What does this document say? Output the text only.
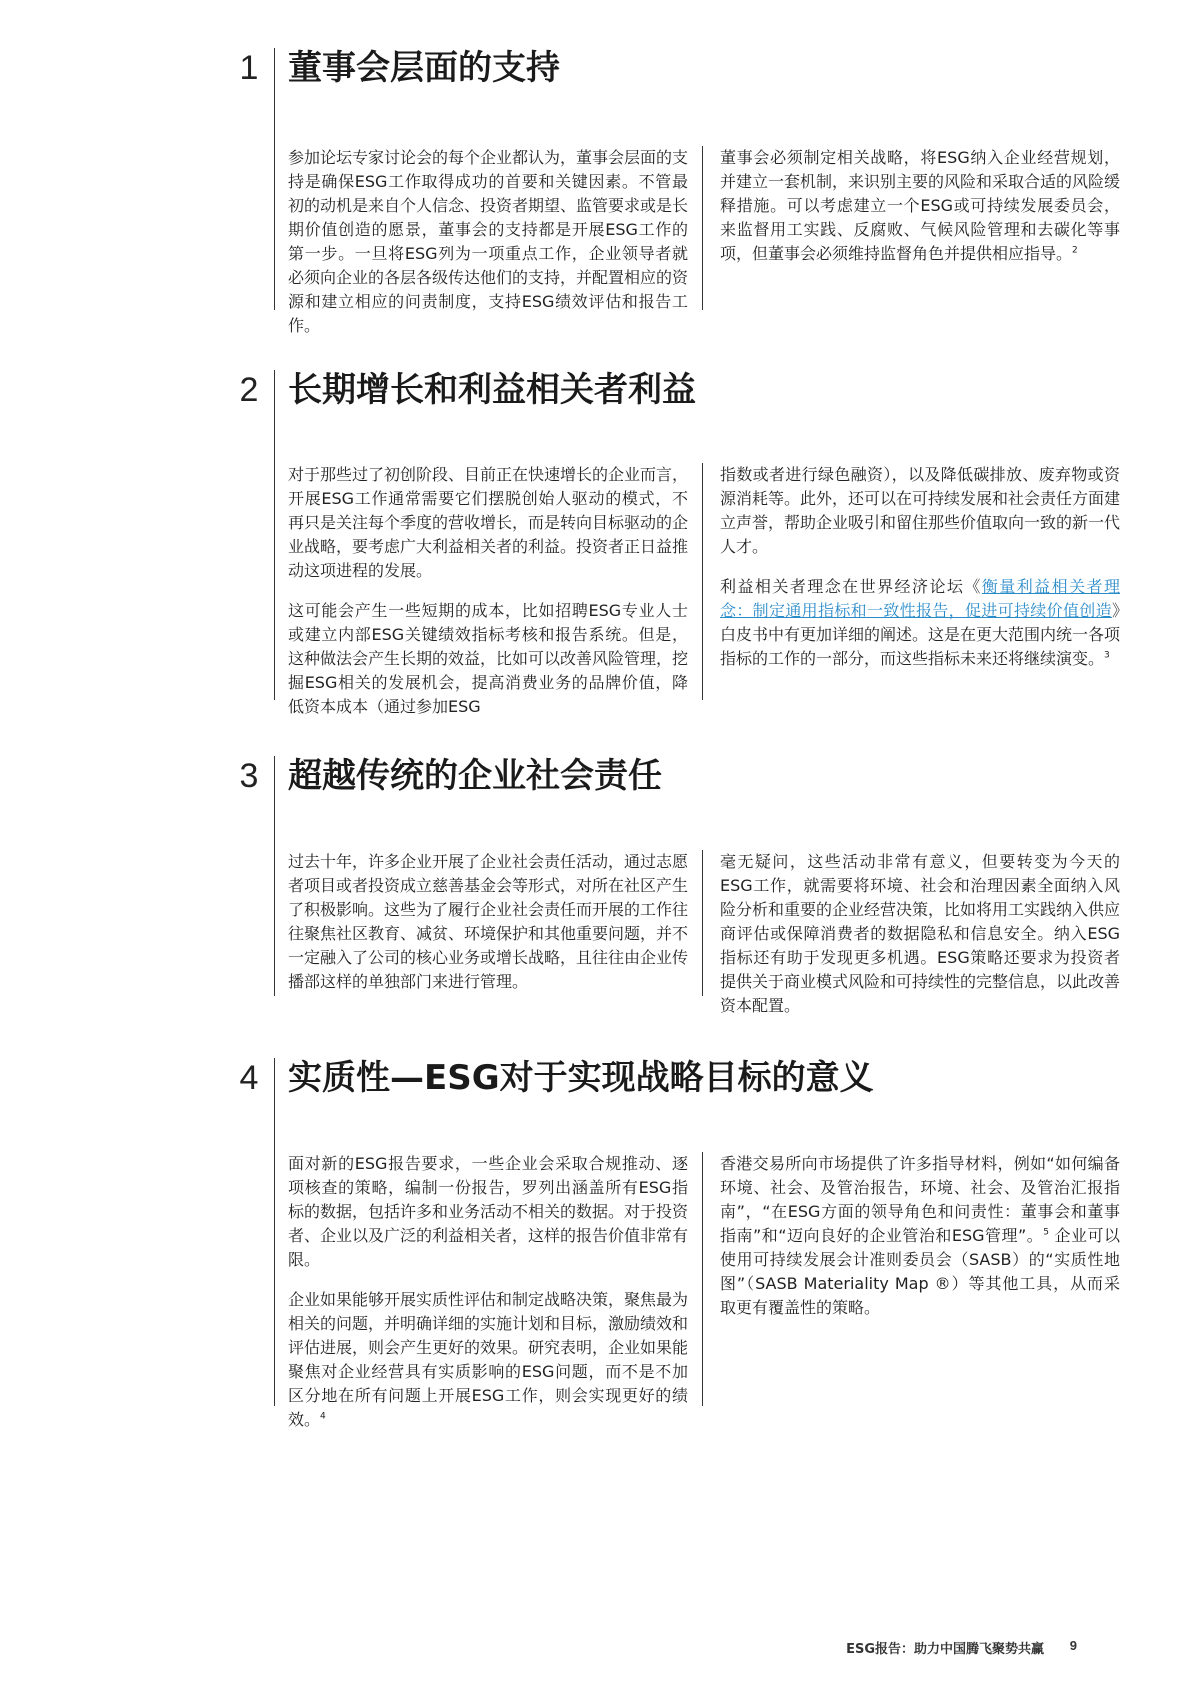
1 董事会层面的支持

参加论坛专家讨论会的每个企业都认为，董事会层面的支持是确保ESG工作取得成功的首要和关键因素。不管最初的动机是来自个人信念、投资者期望、监管要求或是长期价值创造的愿景，董事会的支持都是开展ESG工作的第一步。一旦将ESG列为一项重点工作，企业领导者就必须向企业的各层各级传达他们的支持，并配置相应的资源和建立相应的问责制度，支持ESG绩效评估和报告工作。

董事会必须制定相关战略，将ESG纳入企业经营规划，并建立一套机制，来识别主要的风险和采取合适的风险缓释措施。可以考虑建立一个ESG或可持续发展委员会，来监督用工实践、反腐败、气候风险管理和去碳化等事项，但董事会必须维持监督角色并提供相应指导。$^2$

2 长期增长和利益相关者利益

对于那些过了初创阶段、目前正在快速增长的企业而言，开展ESG工作通常需要它们摆脱创始人驱动的模式，不再只是关注每个季度的营收增长，而是转向目标驱动的企业战略，要考虑广大利益相关者的利益。投资者正日益推动这项进程的发展。

这可能会产生一些短期的成本，比如招聘ESG专业人士或建立内部ESG关键绩效指标考核和报告系统。但是，这种做法会产生长期的效益，比如可以改善风险管理，挖掘ESG相关的发展机会，提高消费业务的品牌价值，降低资本成本（通过参加ESG

指数或者进行绿色融资），以及降低碳排放、废弃物或资源消耗等。此外，还可以在可持续发展和社会责任方面建立声誉，帮助企业吸引和留住那些价值取向一致的新一代人才。

利益相关者理念在世界经济论坛《衡量利益相关者理念：制定通用指标和一致性报告，促进可持续价值创造》白皮书中有更加详细的阐述。这是在更大范围内统一各项指标的工作的一部分，而这些指标未来还将继续演变。$^3$

3 超越传统的企业社会责任

过去十年，许多企业开展了企业社会责任活动，通过志愿者项目或者投资成立慈善基金会等形式，对所在社区产生了积极影响。这些为了履行企业社会责任而开展的工作往往聚焦社区教育、减贫、环境保护和其他重要问题，并不一定融入了公司的核心业务或增长战略，且往往由企业传播部这样的单独部门来进行管理。

毫无疑问，这些活动非常有意义，但要转变为今天的ESG工作，就需要将环境、社会和治理因素全面纳入风险分析和重要的企业经营决策，比如将用工实践纳入供应商评估或保障消费者的数据隐私和信息安全。纳入ESG指标还有助于发现更多机遇。ESG策略还要求为投资者提供关于商业模式风险和可持续性的完整信息，以此改善资本配置。

4 实质性—ESG对于实现战略目标的意义

面对新的ESG报告要求，一些企业会采取合规推动、逐项核查的策略，编制一份报告，罗列出涵盖所有ESG指标的数据，包括许多和业务活动不相关的数据。对于投资者、企业以及广泛的利益相关者，这样的报告价值非常有限。

企业如果能够开展实质性评估和制定战略决策，聚焦最为相关的问题，并明确详细的实施计划和目标，激励绩效和评估进展，则会产生更好的效果。研究表明，企业如果能聚焦对企业经营具有实质影响的ESG问题，而不是不加区分地在所有问题上开展ESG工作，则会实现更好的绩效。$^4$

香港交易所向市场提供了许多指导材料，例如“如何编备环境、社会、及管治报告，环境、社会、及管治汇报指南”，“在ESG方面的领导角色和问责性：董事会和董事指南”和“迈向良好的企业管治和ESG管理”。$^5$ 企业可以使用可持续发展会计准则委员会（SASB）的“实质性地图”（SASB Materiality Map ®）等其他工具，从而采取更有覆盖性的策略。

ESG报告：助力中国腾飞聚势共赢 9
